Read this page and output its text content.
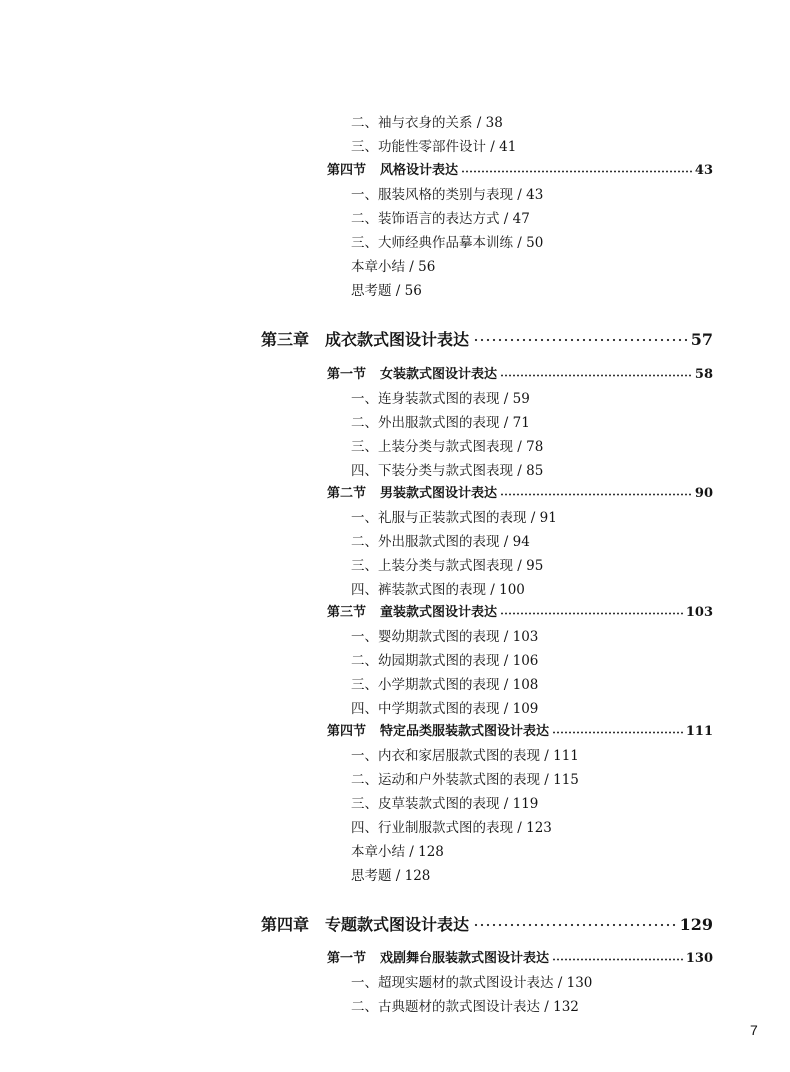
二、袖与衣身的关系 / 38
三、功能性零部件设计 / 41
第四节 风格设计表达	43
一、服装风格的类别与表现 / 43
二、装饰语言的表达方式 / 47
三、大师经典作品摹本训练 / 50
本章小结 / 56
思考题 / 56
第三章 成衣款式图设计表达	57
第一节 女装款式图设计表达	58
一、连身装款式图的表现 / 59
二、外出服款式图的表现 / 71
三、上装分类与款式图表现 / 78
四、下装分类与款式图表现 / 85
第二节 男装款式图设计表达	90
一、礼服与正装款式图的表现 / 91
二、外出服款式图的表现 / 94
三、上装分类与款式图表现 / 95
四、裤装款式图的表现 / 100
第三节 童装款式图设计表达	103
一、婴幼期款式图的表现 / 103
二、幼园期款式图的表现 / 106
三、小学期款式图的表现 / 108
四、中学期款式图的表现 / 109
第四节 特定品类服装款式图设计表达	111
一、内衣和家居服款式图的表现 / 111
二、运动和户外装款式图的表现 / 115
三、皮草装款式图的表现 / 119
四、行业制服款式图的表现 / 123
本章小结 / 128
思考题 / 128
第四章 专题款式图设计表达	129
第一节 戏剧舞台服装款式图设计表达	130
一、超现实题材的款式图设计表达 / 130
二、古典题材的款式图设计表达 / 132
7
